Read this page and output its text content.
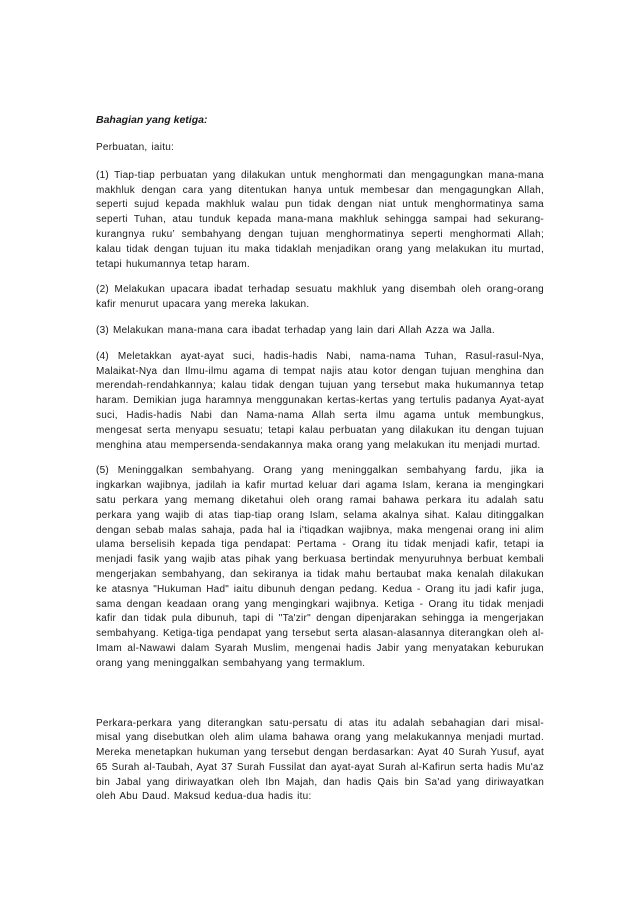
Bahagian yang ketiga:
Perbuatan, iaitu:
(1) Tiap-tiap perbuatan yang dilakukan untuk menghormati dan mengagungkan mana-mana makhluk dengan cara yang ditentukan hanya untuk membesar dan mengagungkan Allah, seperti sujud kepada makhluk walau pun tidak dengan niat untuk menghormatinya sama seperti Tuhan, atau tunduk kepada mana-mana makhluk sehingga sampai had sekurang-kurangnya ruku’ sembahyang dengan tujuan menghormatinya seperti menghormati Allah; kalau tidak dengan tujuan itu maka tidaklah menjadikan orang yang melakukan itu murtad, tetapi hukumannya tetap haram.
(2) Melakukan upacara ibadat terhadap sesuatu makhluk yang disembah oleh orang-orang kafir menurut upacara yang mereka lakukan.
(3) Melakukan mana-mana cara ibadat terhadap yang lain dari Allah Azza wa Jalla.
(4) Meletakkan ayat-ayat suci, hadis-hadis Nabi, nama-nama Tuhan, Rasul-rasul-Nya, Malaikat-Nya dan Ilmu-ilmu agama di tempat najis atau kotor dengan tujuan menghina dan merendah-rendahkannya; kalau tidak dengan tujuan yang tersebut maka hukumannya tetap haram. Demikian juga haramnya menggunakan kertas-kertas yang tertulis padanya Ayat-ayat suci, Hadis-hadis Nabi dan Nama-nama Allah serta ilmu agama untuk membungkus, mengesat serta menyapu sesuatu; tetapi kalau perbuatan yang dilakukan itu dengan tujuan menghina atau mempersenda-sendakannya maka orang yang melakukan itu menjadi murtad.
(5) Meninggalkan sembahyang. Orang yang meninggalkan sembahyang fardu, jika ia ingkarkan wajibnya, jadilah ia kafir murtad keluar dari agama Islam, kerana ia mengingkari satu perkara yang memang diketahui oleh orang ramai bahawa perkara itu adalah satu perkara yang wajib di atas tiap-tiap orang Islam, selama akalnya sihat. Kalau ditinggalkan dengan sebab malas sahaja, pada hal ia i'tiqadkan wajibnya, maka mengenai orang ini alim ulama berselisih kepada tiga pendapat: Pertama - Orang itu tidak menjadi kafir, tetapi ia menjadi fasik yang wajib atas pihak yang berkuasa bertindak menyuruhnya berbuat kembali mengerjakan sembahyang, dan sekiranya ia tidak mahu bertaubat maka kenalah dilakukan ke atasnya "Hukuman Had" iaitu dibunuh dengan pedang. Kedua - Orang itu jadi kafir juga, sama dengan keadaan orang yang mengingkari wajibnya. Ketiga - Orang itu tidak menjadi kafir dan tidak pula dibunuh, tapi di "Ta'zir" dengan dipenjarakan sehingga ia mengerjakan sembahyang. Ketiga-tiga pendapat yang tersebut serta alasan-alasannya diterangkan oleh al-Imam al-Nawawi dalam Syarah Muslim, mengenai hadis Jabir yang menyatakan keburukan orang yang meninggalkan sembahyang yang termaklum.
Perkara-perkara yang diterangkan satu-persatu di atas itu adalah sebahagian dari misal-misal yang disebutkan oleh alim ulama bahawa orang yang melakukannya menjadi murtad. Mereka menetapkan hukuman yang tersebut dengan berdasarkan: Ayat 40 Surah Yusuf, ayat 65 Surah al-Taubah, Ayat 37 Surah Fussilat dan ayat-ayat Surah al-Kafirun serta hadis Mu'az bin Jabal yang diriwayatkan oleh Ibn Majah, dan hadis Qais bin Sa'ad yang diriwayatkan oleh Abu Daud. Maksud kedua-dua hadis itu:
